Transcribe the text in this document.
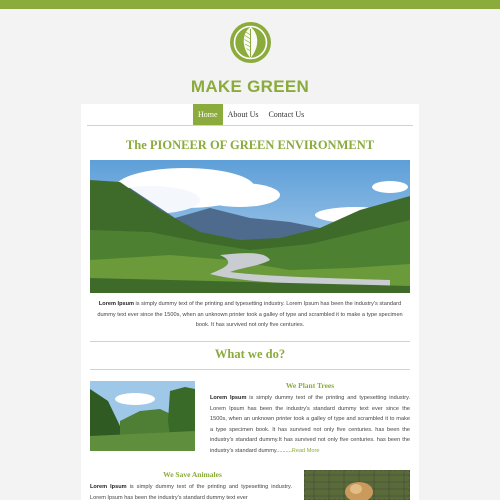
MAKE GREEN
Home	About Us	Contact Us
The PIONEER OF GREEN ENVIRONMENT

Lorem Ipsum is simply dummy text of the printing and typesetting industry. Lorem Ipsum has been the industry's standard dummy text ever since the 1500s, when an unknown printer took a galley of type and scrambled it to make a type specimen book. It has survived not only five centuries.

What we do?
We Plant Trees

Lorem Ipsum is simply dummy text of the printing and typesetting industry. Lorem Ipsum has been the industry's standard dummy text ever since the 1500s, when an unknown printer took a galley of type and scrambled it to make a type specimen book. It has survived not only five centuries. has been the industry's standard dummy.It has survived not only five centuries. has been the industry's standard dummy..........Read More

We Save Animales

Lorem Ipsum is simply dummy text of the printing and typesetting industry. Lorem Ipsum has been the industry's standard dummy text ever
